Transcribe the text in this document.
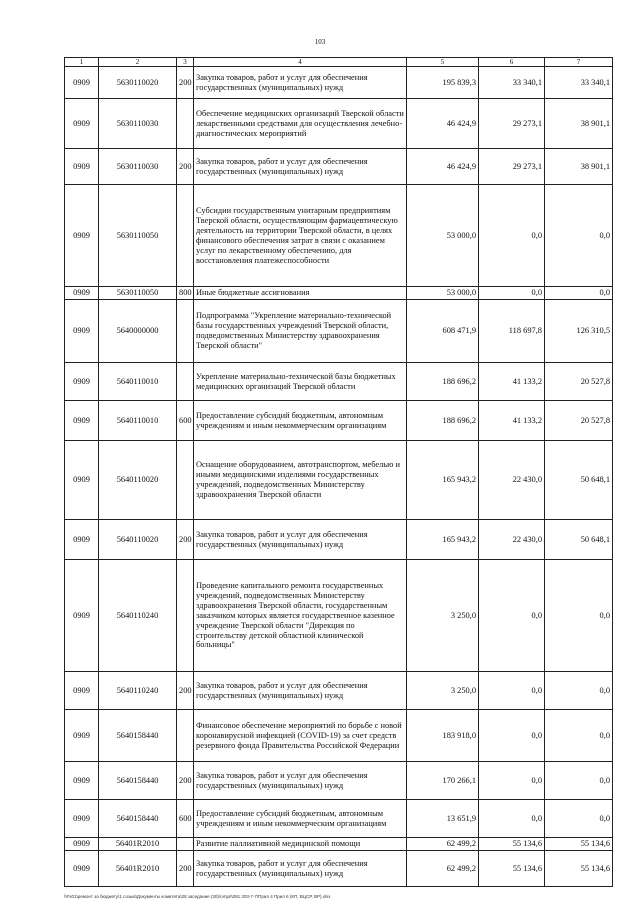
103
1	2	3	4	5	6	7
0909	5630110020	200	Закупка товаров, работ и услуг для обеспечения государственных (муниципальных) нужд	195 839,3	33 340,1	33 340,1
0909	5630110030		Обеспечение медицинских организаций Тверской области лекарственными средствами для осуществления лечебно-диагностических мероприятий	46 424,9	29 273,1	38 901,1
0909	5630110030	200	Закупка товаров, работ и услуг для обеспечения государственных (муниципальных) нужд	46 424,9	29 273,1	38 901,1
0909	5630110050		Субсидии государственным унитарным предприятиям Тверской области, осуществляющим фармацевтическую деятельность на территории Тверской области, в целях финансового обеспечения затрат в связи с оказанием услуг по лекарственному обеспечению, для восстановления платежеспособности	53 000,0	0,0	0,0
0909	5630110050	800	Иные бюджетные ассигнования	53 000,0	0,0	0,0
0909	5640000000		Подпрограмма "Укрепление материально-технической базы государственных учреждений Тверской области, подведомственных Министерству здравоохранения Тверской области"	608 471,9	118 697,8	126 310,5
0909	5640110010		Укрепление материально-технической базы бюджетных медицинских организаций Тверской области	188 696,2	41 133,2	20 527,8
0909	5640110010	600	Предоставление субсидий бюджетным, автономным учреждениям и иным некоммерческим организациям	188 696,2	41 133,2	20 527,8
0909	5640110020		Оснащение оборудованием, автотранспортом, мебелью и иными медицинскими изделиями государственных учреждений, подведомственных Министерству здравоохранения Тверской области	165 943,2	22 430,0	50 648,1
0909	5640110020	200	Закупка товаров, работ и услуг для обеспечения государственных (муниципальных) нужд	165 943,2	22 430,0	50 648,1
0909	5640110240		Проведение капитального ремонта государственных учреждений, подведомственных Министерству здравоохранения Тверской области, государственным заказчиком которых является государственное казенное учреждение Тверской области "Дирекция по строительству детской областной клинической больницы"	3 250,0	0,0	0,0
0909	5640110240	200	Закупка товаров, работ и услуг для обеспечения государственных (муниципальных) нужд	3 250,0	0,0	0,0
0909	5640158440		Финансовое обеспечение мероприятий по борьбе с новой коронавирусной инфекцией (COVID-19) за счет средств резервного фонда Правительства Российской Федерации	183 918,0	0,0	0,0
0909	5640158440	200	Закупка товаров, работ и услуг для обеспечения государственных (муниципальных) нужд	170 266,1	0,0	0,0
0909	5640158440	600	Предоставление субсидий бюджетным, автономным учреждениям и иным некоммерческим организациям	13 651,9	0,0	0,0
0909	56401R2010		Развитие паллиативной медицинской помощи	62 499,2	55 134,6	55 134,6
0909	56401R2010	200	Закупка товаров, работ и услуг для обеспечения государственных (муниципальных) нужд	62 499,2	55 134,6	55 134,6
\\Fs01\ремонт за бюджету\1 созыв\Документы комитета\28 заседание (30)\ол\рп\281 203-7-7\Прил 4 Прил 6 (КП, ВЦСР, ВР).xlsx
